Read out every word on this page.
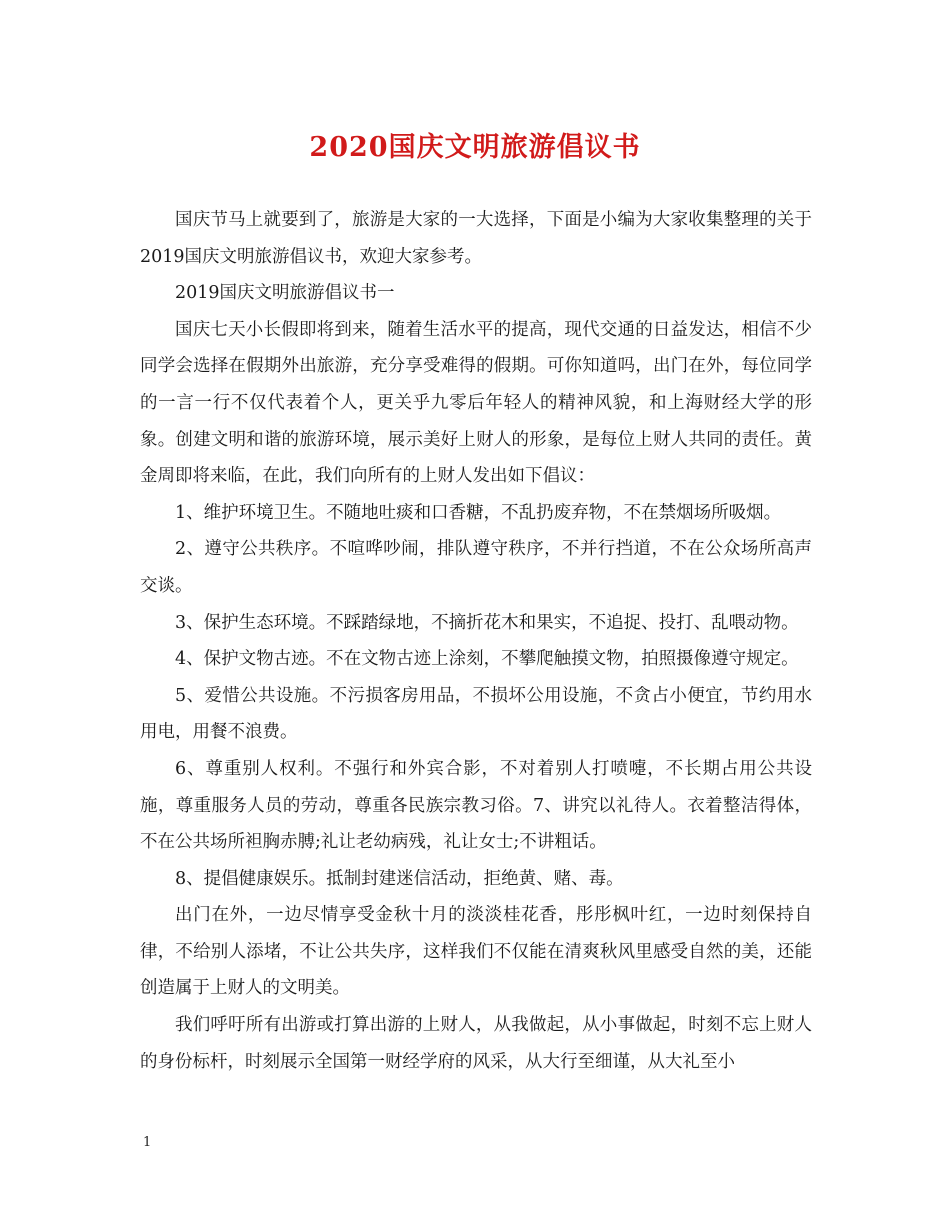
2020国庆文明旅游倡议书

国庆节马上就要到了，旅游是大家的一大选择，下面是小编为大家收集整理的关于2019国庆文明旅游倡议书，欢迎大家参考。

2019国庆文明旅游倡议书一

国庆七天小长假即将到来，随着生活水平的提高，现代交通的日益发达，相信不少同学会选择在假期外出旅游，充分享受难得的假期。可你知道吗，出门在外，每位同学的一言一行不仅代表着个人，更关乎九零后年轻人的精神风貌，和上海财经大学的形象。创建文明和谐的旅游环境，展示美好上财人的形象，是每位上财人共同的责任。黄金周即将来临，在此，我们向所有的上财人发出如下倡议：

1、维护环境卫生。不随地吐痰和口香糖，不乱扔废弃物，不在禁烟场所吸烟。

2、遵守公共秩序。不喧哗吵闹，排队遵守秩序，不并行挡道，不在公众场所高声交谈。

3、保护生态环境。不踩踏绿地，不摘折花木和果实，不追捉、投打、乱喂动物。

4、保护文物古迹。不在文物古迹上涂刻，不攀爬触摸文物，拍照摄像遵守规定。

5、爱惜公共设施。不污损客房用品，不损坏公用设施，不贪占小便宜，节约用水用电，用餐不浪费。

6、尊重别人权利。不强行和外宾合影，不对着别人打喷嚏，不长期占用公共设施，尊重服务人员的劳动，尊重各民族宗教习俗。7、讲究以礼待人。衣着整洁得体，不在公共场所袒胸赤膊;礼让老幼病残，礼让女士;不讲粗话。

8、提倡健康娱乐。抵制封建迷信活动，拒绝黄、赌、毒。

出门在外，一边尽情享受金秋十月的淡淡桂花香，彤彤枫叶红，一边时刻保持自律，不给别人添堵，不让公共失序，这样我们不仅能在清爽秋风里感受自然的美，还能创造属于上财人的文明美。

我们呼吁所有出游或打算出游的上财人，从我做起，从小事做起，时刻不忘上财人的身份标杆，时刻展示全国第一财经学府的风采，从大行至细谨，从大礼至小

1
